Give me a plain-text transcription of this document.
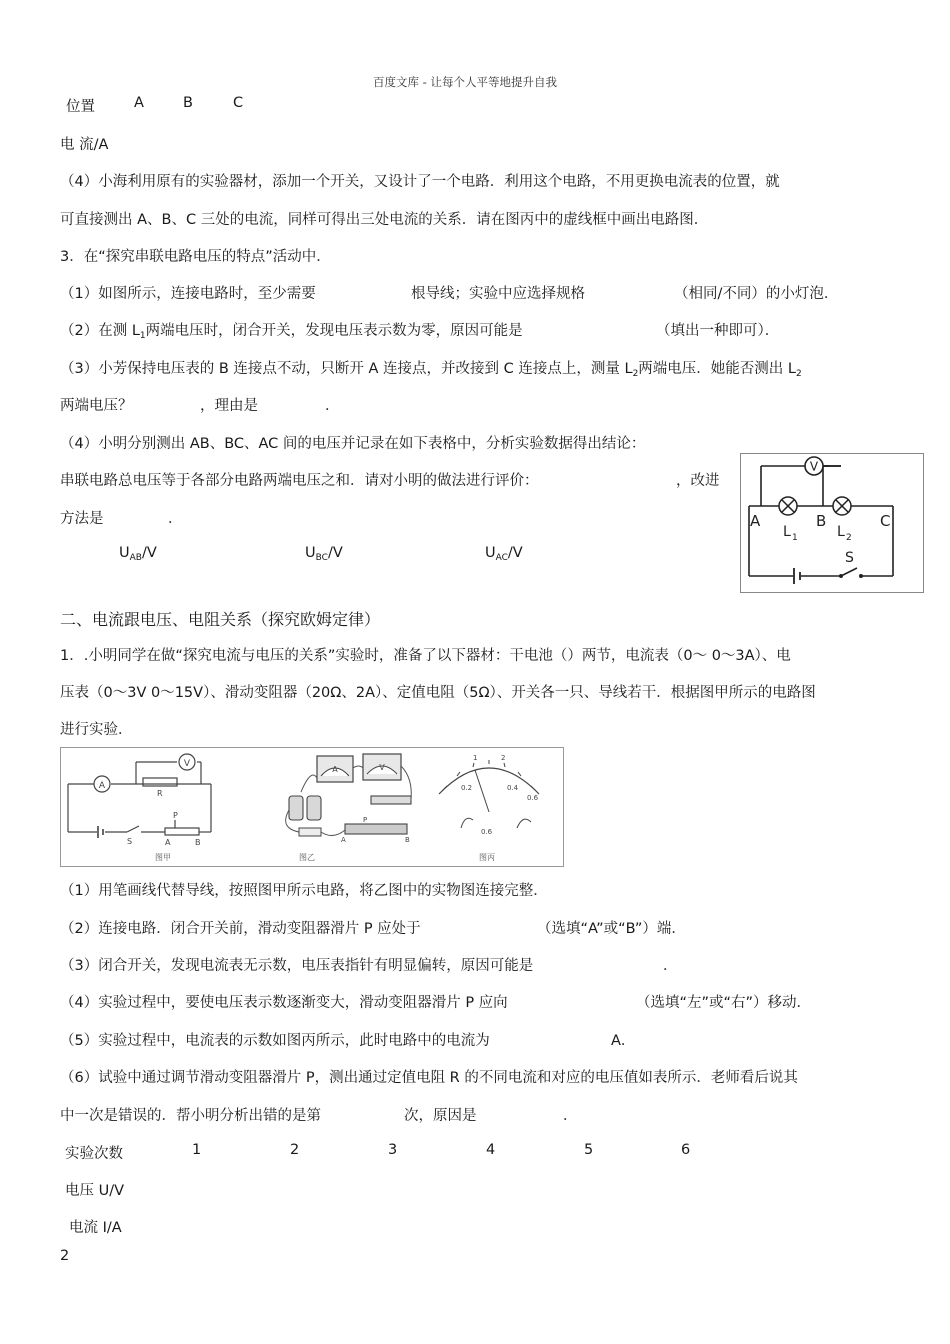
百度文库 - 让每个人平等地提升自我
位置	A	B	C
电 流/A
（4）小海利用原有的实验器材，添加一个开关，又设计了一个电路．利用这个电路，不用更换电流表的位置，就
可直接测出 A、B、C 三处的电流，同样可得出三处电流的关系．请在图丙中的虚线框中画出电路图．
3．在“探究串联电路电压的特点”活动中．
（1）如图所示，连接电路时，至少需要	根导线；实验中应选择规格	（相同/不同）的小灯泡．
（2）在测 $L_1$两端电压时，闭合开关，发现电压表示数为零，原因可能是	（填出一种即可）．
（3）小芳保持电压表的 B 连接点不动，只断开 A 连接点，并改接到 C 连接点上，测量 $L_2$两端电压．她能否测出 $L_2$
两端电压？	，理由是	．
（4）小明分别测出 AB、BC、AC 间的电压并记录在如下表格中，分析实验数据得出结论：
串联电路总电压等于各部分电路两端电压之和．请对小明的做法进行评价：	，改进
方法是	．
$U_{AB}/V$	$U_{BC}/V$	$U_{AC}/V$
V
A	B	C
L 1	L 2
S
二、电流跟电压、电阻关系（探究欧姆定律）
1．.小明同学在做“探究电流与电压的关系”实验时，准备了以下器材：干电池（）两节，电流表（0～ 0～3A）、电
压表（0～3V 0～15V）、滑动变阻器（20Ω、2A）、定值电阻（5Ω）、开关各一只、导线若干．根据图甲所示的电路图
进行实验．
A
V
R
S
P
A	B
图甲
A	V
P
A	B
图乙
0.2	0.4
0.6
1	2
0.6
图丙
（1）用笔画线代替导线，按照图甲所示电路，将乙图中的实物图连接完整．
（2）连接电路．闭合开关前，滑动变阻器滑片 P 应处于	（选填“A”或“B”）端．
（3）闭合开关，发现电流表无示数，电压表指针有明显偏转，原因可能是	．
（4）实验过程中，要使电压表示数逐渐变大，滑动变阻器滑片 P 应向	（选填“左”或“右”）移动．
（5）实验过程中，电流表的示数如图丙所示，此时电路中的电流为	A．
（6）试验中通过调节滑动变阻器滑片 P，测出通过定值电阻 R 的不同电流和对应的电压值如表所示．老师看后说其
中一次是错误的．帮小明分析出错的是第	次，原因是	．
实验次数	1	2	3	4	5	6
电压 U/V
电流 I/A
2
